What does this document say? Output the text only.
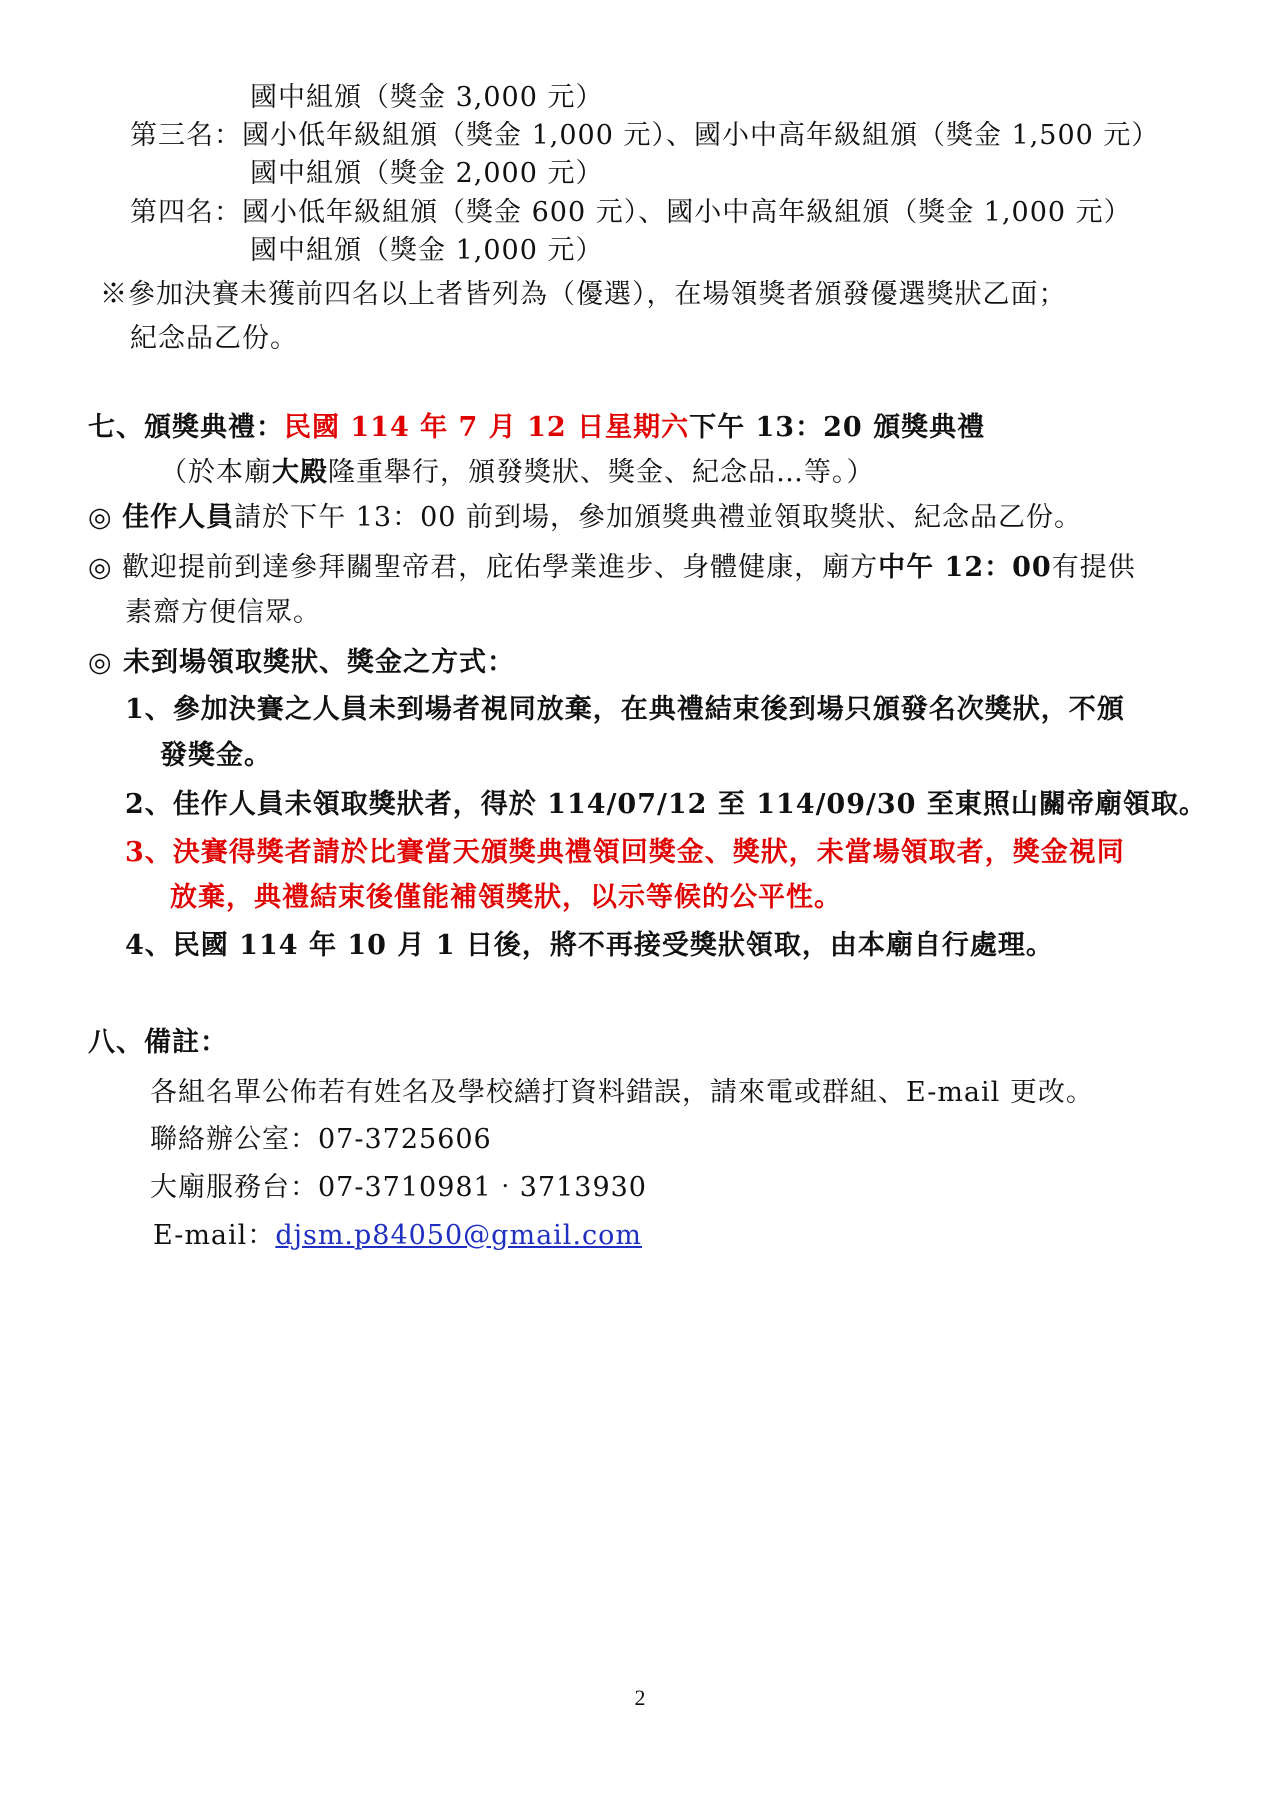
國中組頒（獎金 3,000 元）
第三名：國小低年級組頒（獎金 1,000 元）、國小中高年級組頒（獎金 1,500 元）
國中組頒（獎金 2,000 元）
第四名：國小低年級組頒（獎金 600 元）、國小中高年級組頒（獎金 1,000 元）
國中組頒（獎金 1,000 元）
※參加決賽未獲前四名以上者皆列為（優選），在場領獎者頒發優選獎狀乙面；
紀念品乙份。
七、頒獎典禮：民國 114 年 7 月 12 日星期六下午 13：20 頒獎典禮
（於本廟大殿隆重舉行，頒發獎狀、獎金、紀念品…等。）
◎ 佳作人員請於下午 13：00 前到場，參加頒獎典禮並領取獎狀、紀念品乙份。
◎ 歡迎提前到達參拜關聖帝君，庇佑學業進步、身體健康，廟方中午 12：00有提供
素齋方便信眾。
◎ 未到場領取獎狀、獎金之方式：
1、參加決賽之人員未到場者視同放棄，在典禮結束後到場只頒發名次獎狀，不頒
發獎金。
2、佳作人員未領取獎狀者，得於 114/07/12 至 114/09/30 至東照山關帝廟領取。
3、決賽得獎者請於比賽當天頒獎典禮領回獎金、獎狀，未當場領取者，獎金視同
放棄，典禮結束後僅能補領獎狀，以示等候的公平性。
4、民國 114 年 10 月 1 日後，將不再接受獎狀領取，由本廟自行處理。
八、備註：
各組名單公佈若有姓名及學校繕打資料錯誤，請來電或群組、E-mail 更改。
聯絡辦公室：07-3725606
大廟服務台：07-3710981‧3713930
E-mail：djsm.p84050@gmail.com
2
